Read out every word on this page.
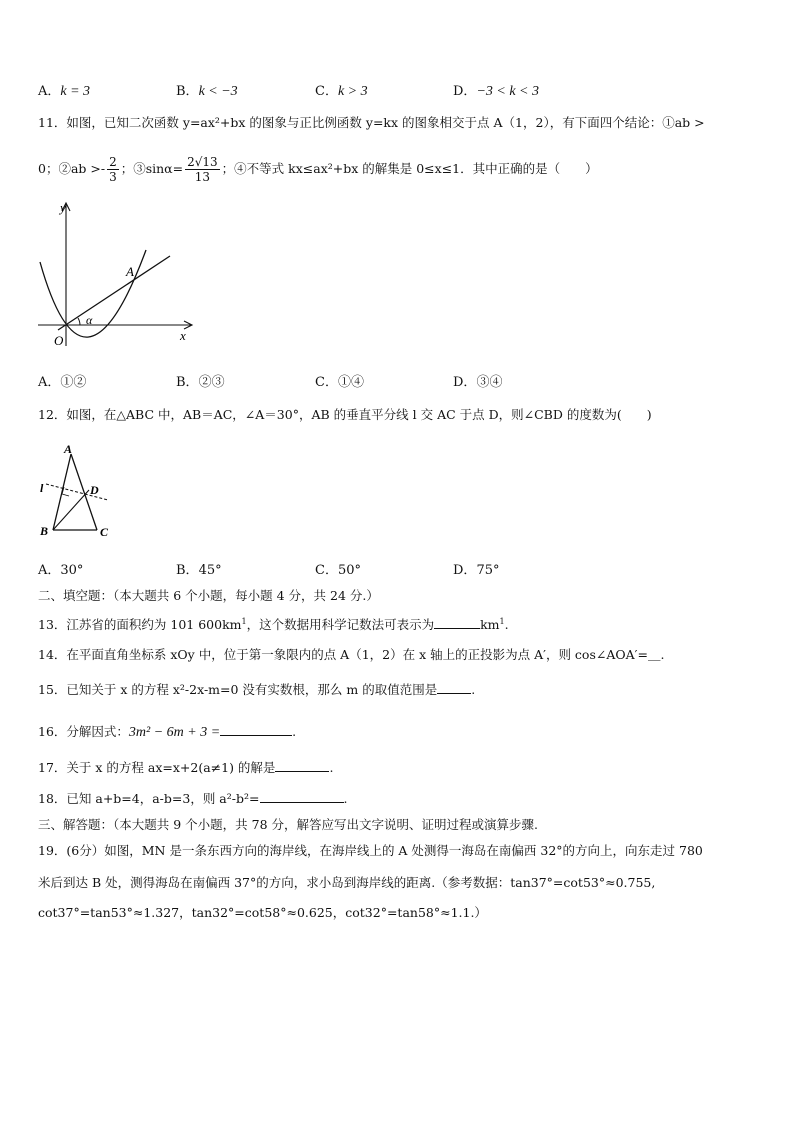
A．k = 3	B．k < −3	C．k > 3	D．−3 < k < 3
11．如图，已知二次函数 y=ax²+bx 的图象与正比例函数 y=kx 的图象相交于点 A（1，2），有下面四个结论：①ab >
0；②ab >- $\frac{2}{3}$ ；③sinα= $\frac{2√13}{13}$ ；④不等式 kx≤ax²+bx 的解集是 0≤x≤1．其中正确的是（　　）
y
x
O
A
α
A．①②	B．②③	C．①④	D．③④
12．如图，在△ABC 中，AB＝AC，∠A＝30°，AB 的垂直平分线 l 交 AC 于点 D，则∠CBD 的度数为(　　)
A
l	D
B	C
A．30°	B．45°	C．50°	D．75°
二、填空题：（本大题共 6 个小题，每小题 4 分，共 24 分.）
13．江苏省的面积约为 101 $600km^1$，这个数据用科学记数法可表示为	$km^1$.
14．在平面直角坐标系 xOy 中，位于第一象限内的点 A（1，2）在 x 轴上的正投影为点 A′，则 cos∠AOA′=＿.
15．已知关于 x 的方程 x²-2x-m=0 没有实数根，那么 m 的取值范围是	.
16．分解因式：3m² − 6m + 3 =	.
17．关于 x 的方程 ax=x+2(a≠1) 的解是	.
18．已知 a+b=4，a-b=3，则 a²-b²=	.
三、解答题：（本大题共 9 个小题，共 78 分，解答应写出文字说明、证明过程或演算步骤.
19．(6分）如图，MN 是一条东西方向的海岸线，在海岸线上的 A 处测得一海岛在南偏西 32°的方向上，向东走过 780
米后到达 B 处，测得海岛在南偏西 37°的方向，求小岛到海岸线的距离.（参考数据：tan37°=cot53°≈0.755,
cot37°=tan53°≈1.327，tan32°=cot58°≈0.625，cot32°=tan58°≈1.1.）
